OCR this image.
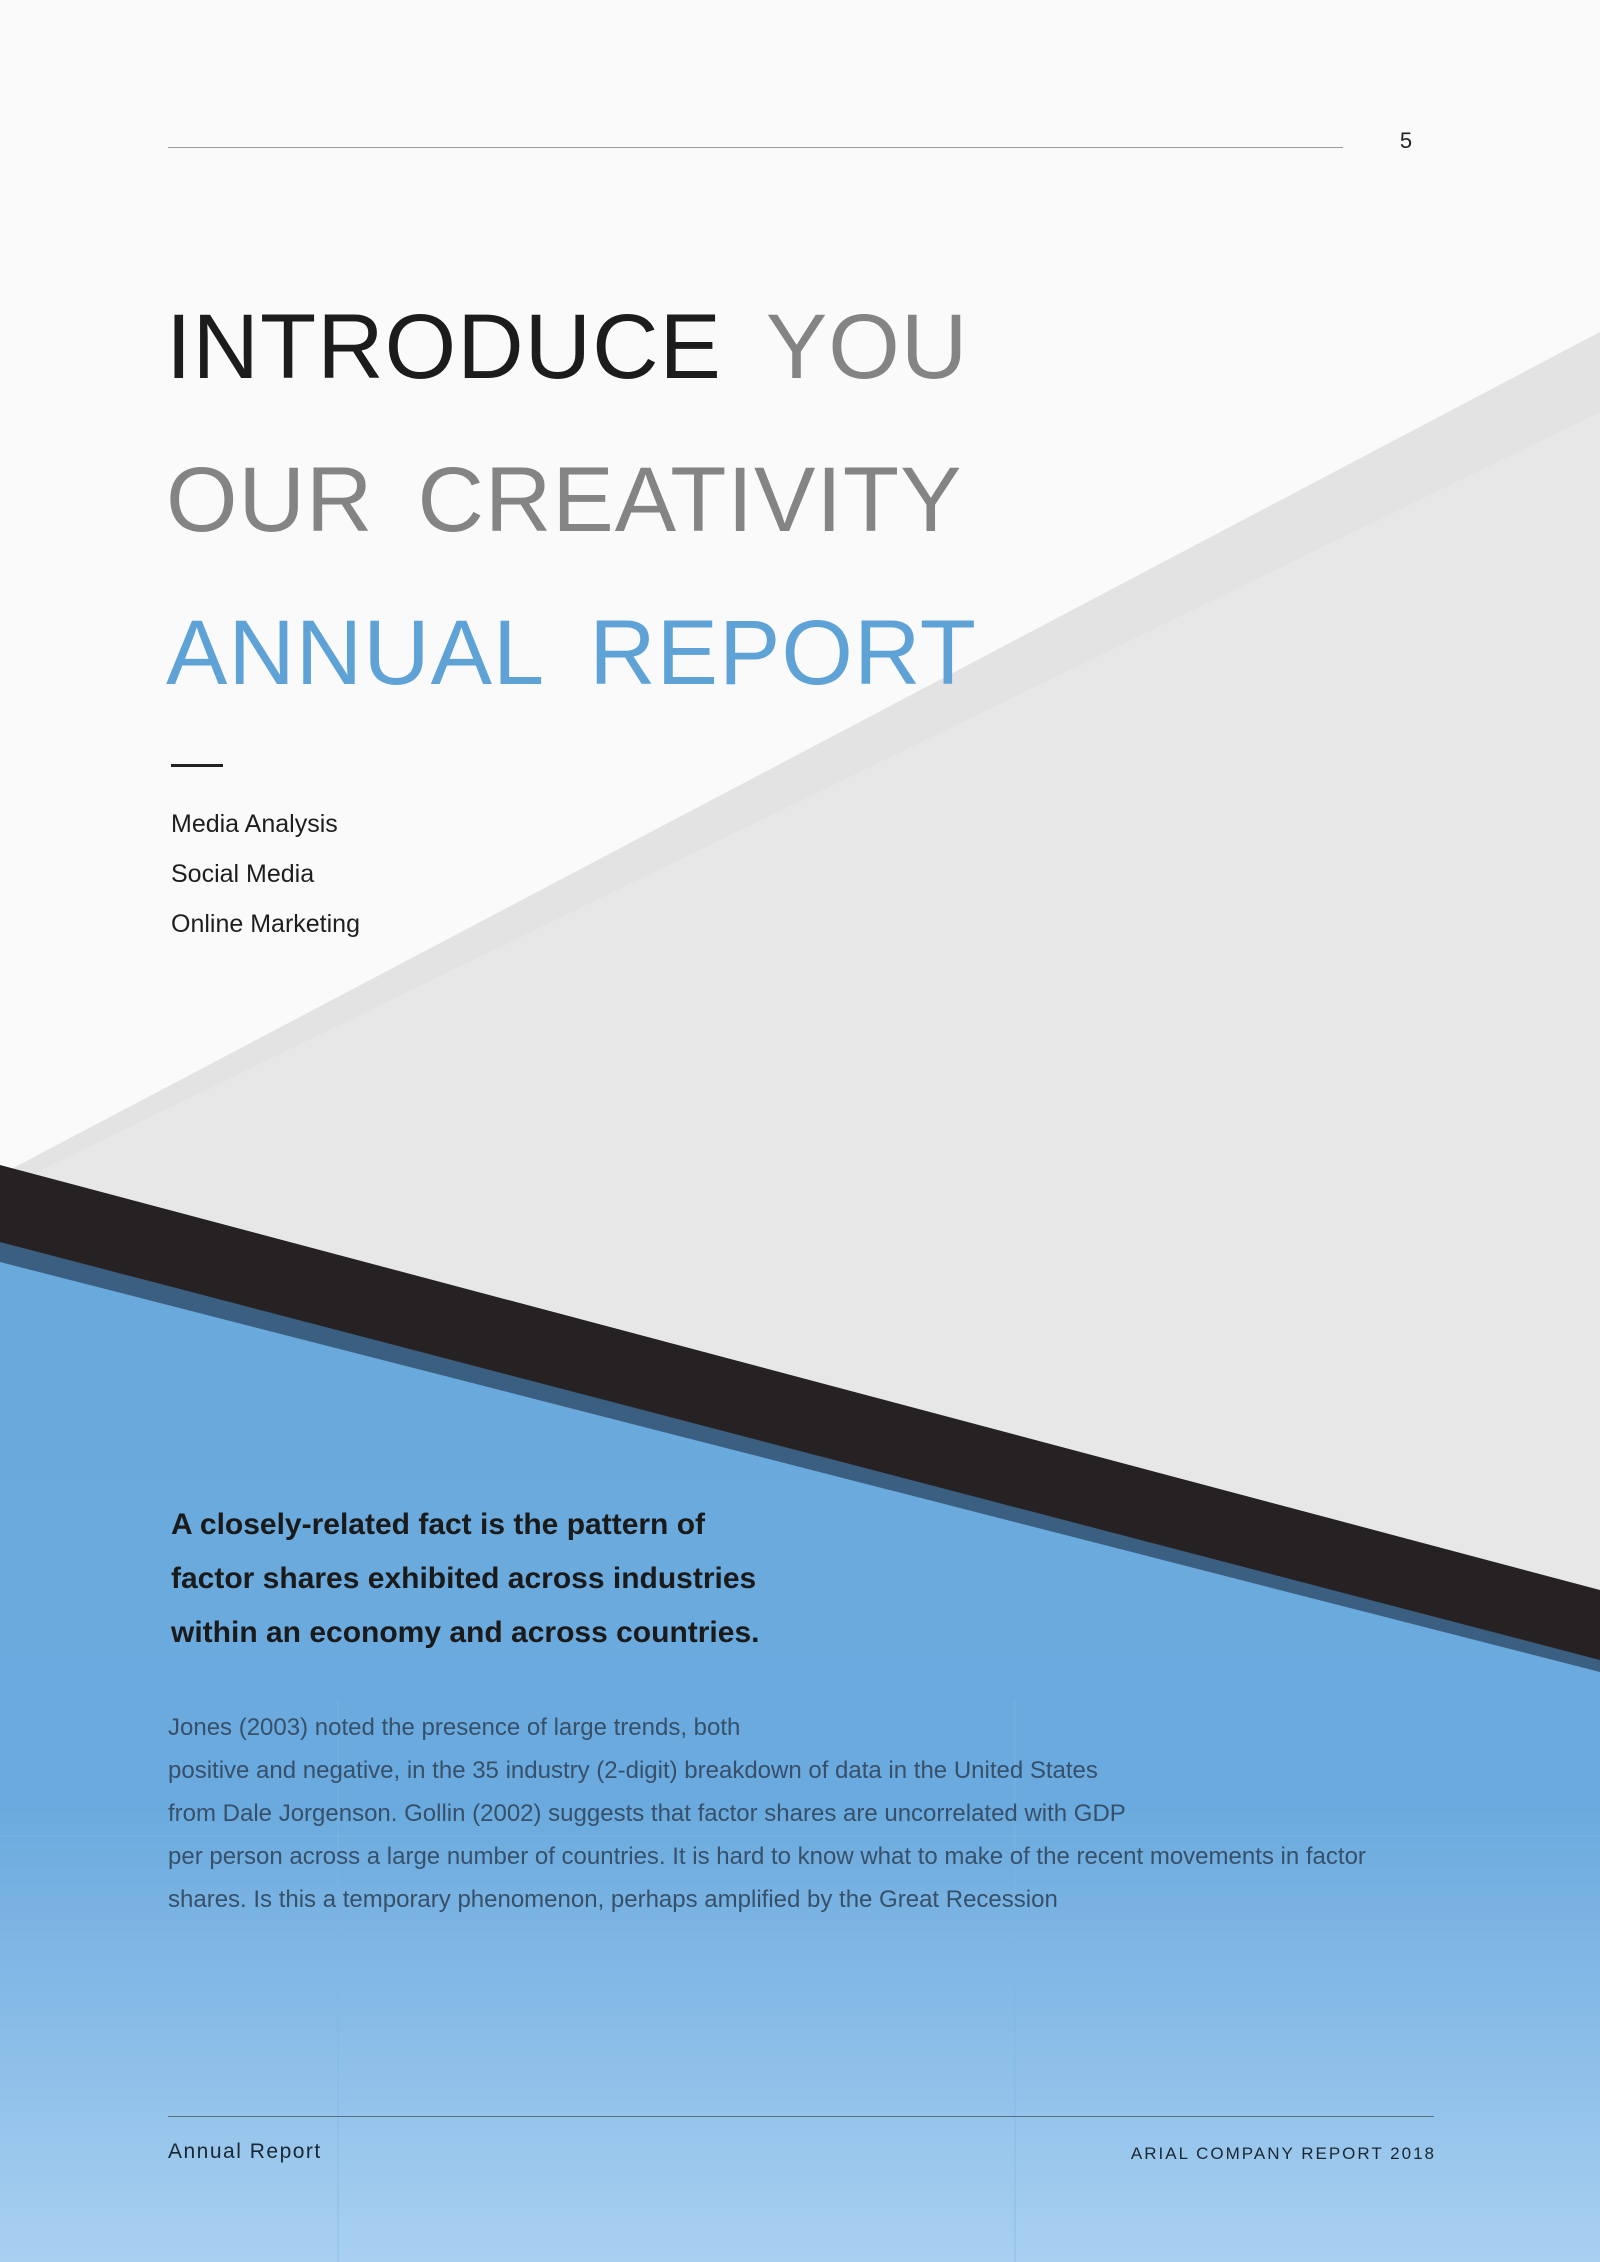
5
INTRODUCE YOU
OUR CREATIVITY
ANNUAL REPORT
Media Analysis
Social Media
Online Marketing

A closely-related fact is the pattern of
factor shares exhibited across industries
within an economy and across countries.

Jones (2003) noted the presence of large trends, both
positive and negative, in the 35 industry (2-digit) breakdown of data in the United States
from Dale Jorgenson. Gollin (2002) suggests that factor shares are uncorrelated with GDP
per person across a large number of countries. It is hard to know what to make of the recent movements in factor
shares. Is this a temporary phenomenon, perhaps amplified by the Great Recession

Annual Report	ARIAL COMPANY REPORT 2018
